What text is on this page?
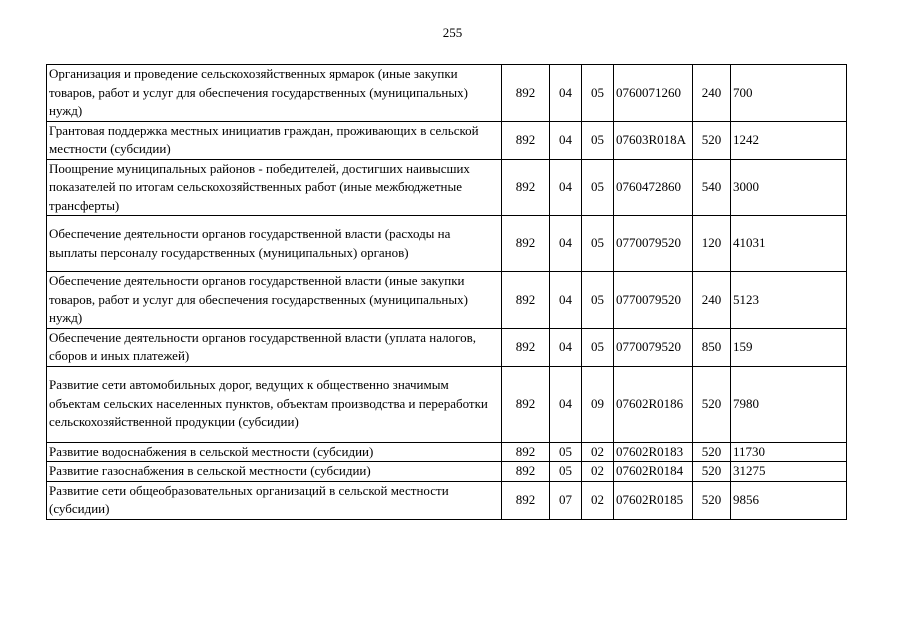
255
Организация и проведение сельскохозяйственных ярмарок (иные закупки товаров, работ и услуг для обеспечения государственных (муниципальных) нужд)	892	04	05	0760071260	240	700
Грантовая поддержка местных инициатив граждан, проживающих в сельской местности (субсидии)	892	04	05	07603R018A	520	1242
Поощрение муниципальных районов - победителей, достигших наивысших показателей по итогам сельскохозяйственных работ (иные межбюджетные трансферты)	892	04	05	0760472860	540	3000
Обеспечение деятельности органов государственной власти (расходы на выплаты персоналу государственных (муниципальных) органов)	892	04	05	0770079520	120	41031
Обеспечение деятельности органов государственной власти (иные закупки товаров, работ и услуг для обеспечения государственных (муниципальных) нужд)	892	04	05	0770079520	240	5123
Обеспечение деятельности органов государственной власти (уплата налогов, сборов и иных платежей)	892	04	05	0770079520	850	159
Развитие сети автомобильных дорог, ведущих к общественно значимым объектам сельских населенных пунктов, объектам производства и переработки сельскохозяйственной продукции (субсидии)	892	04	09	07602R0186	520	7980
Развитие водоснабжения в сельской местности (субсидии)	892	05	02	07602R0183	520	11730
Развитие газоснабжения в сельской местности (субсидии)	892	05	02	07602R0184	520	31275
Развитие сети общеобразовательных организаций в сельской местности (субсидии)	892	07	02	07602R0185	520	9856
